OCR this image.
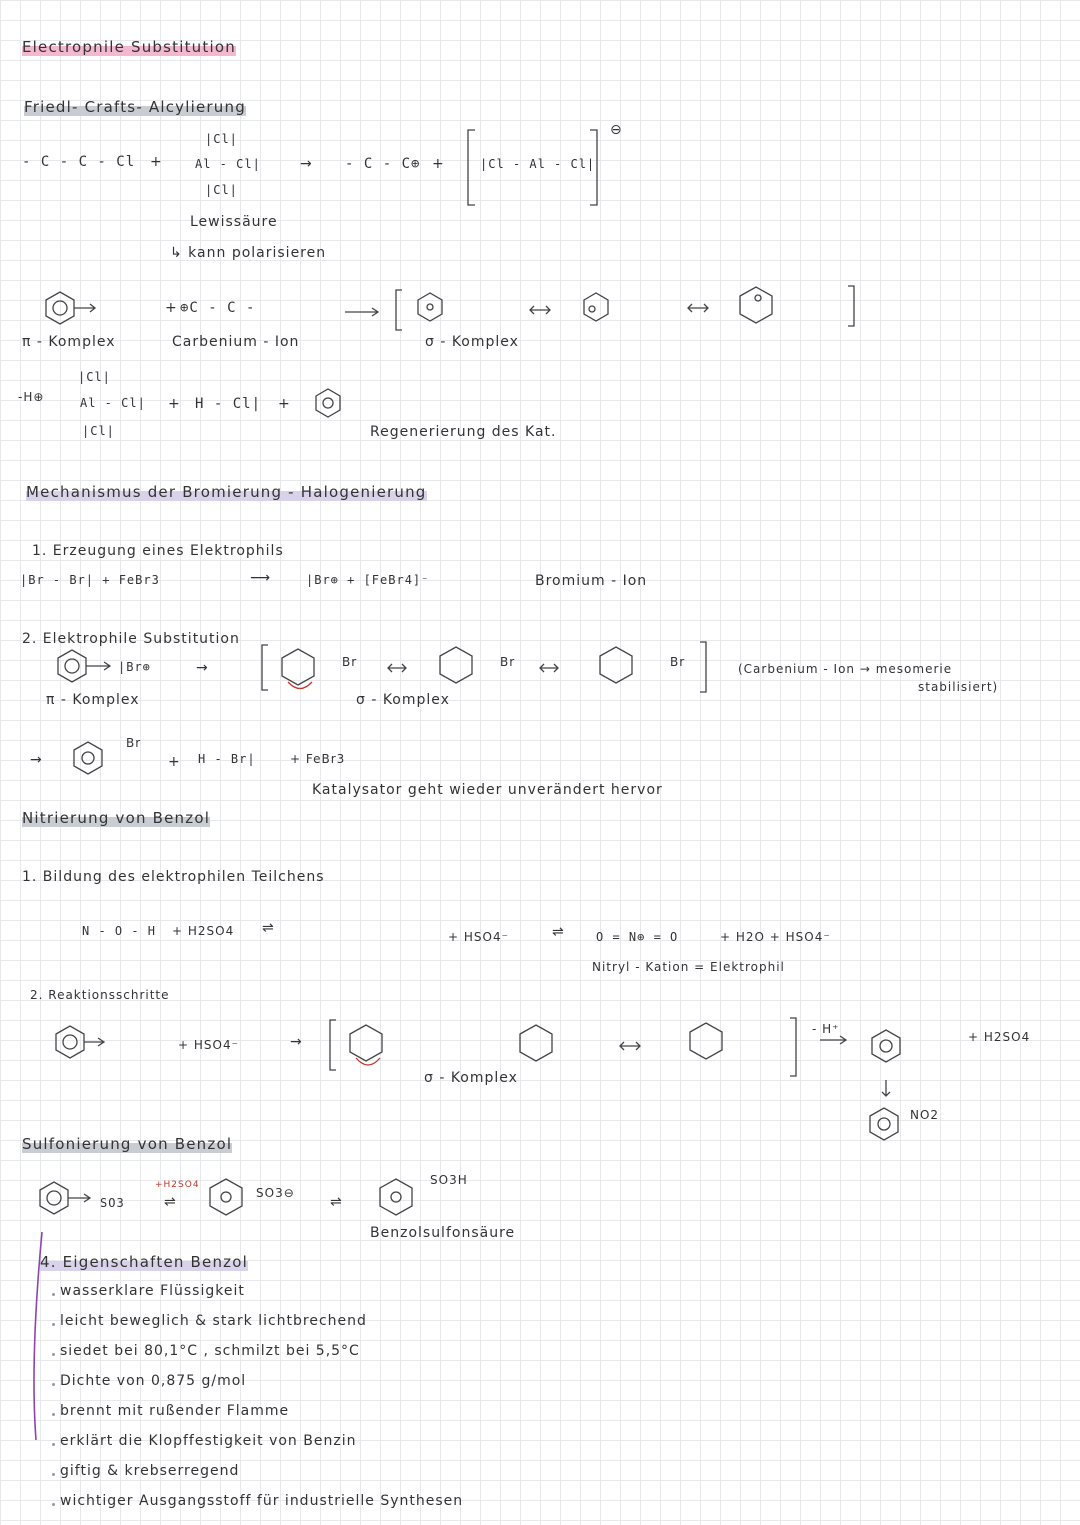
Electropnile Substitution
Friedl- Crafts- Alcylierung
Mechanismus der Bromierung - Halogenierung
Nitrierung von Benzol
Sulfonierung von Benzol
4. Eigenschaften Benzol
- C - C - Cl +
|Cl|
Al - Cl|
|Cl|
Lewissäure
↳ kann polarisieren
→ - C - C⊕ +	|Cl - Al - Cl|
⊖
+ ⊕C - C -
π - Komplex	Carbenium - Ion	σ - Komplex
-H⊕
|Cl|
Al - Cl|
|Cl|
+ H - Cl| +
Regenerierung des Kat.
1. Erzeugung eines Elektrophils
|Br - Br| + FeBr3	⟶	|Br⊕ + [FeBr4]⁻	Bromium - Ion
2. Elektrophile Substitution
|Br⊕	→
π - Komplex	σ - Komplex
(Carbenium - Ion → mesomerie
stabilisiert)
Br	Br	Br
→
Br
+ H - Br|	+ FeBr3
Katalysator geht wieder unverändert hervor
1. Bildung des elektrophilen Teilchens
N - O - H + H2SO4 ⇌
+ HSO4⁻	⇌	O = N⊕ = O	+ H2O + HSO4⁻
Nitryl - Kation = Elektrophil
2. Reaktionsschritte
+ HSO4⁻	→
σ - Komplex
- H⁺
+ H2SO4
NO2
SO3
+H2SO4
⇌
SO3⊖
⇌
SO3H
Benzolsulfonsäure
wasserklare Flüssigkeit
leicht beweglich & stark lichtbrechend
siedet bei 80,1°C , schmilzt bei 5,5°C
Dichte von 0,875 g/mol
brennt mit rußender Flamme
erklärt die Klopffestigkeit von Benzin
giftig & krebserregend
wichtiger Ausgangsstoff für industrielle Synthesen
